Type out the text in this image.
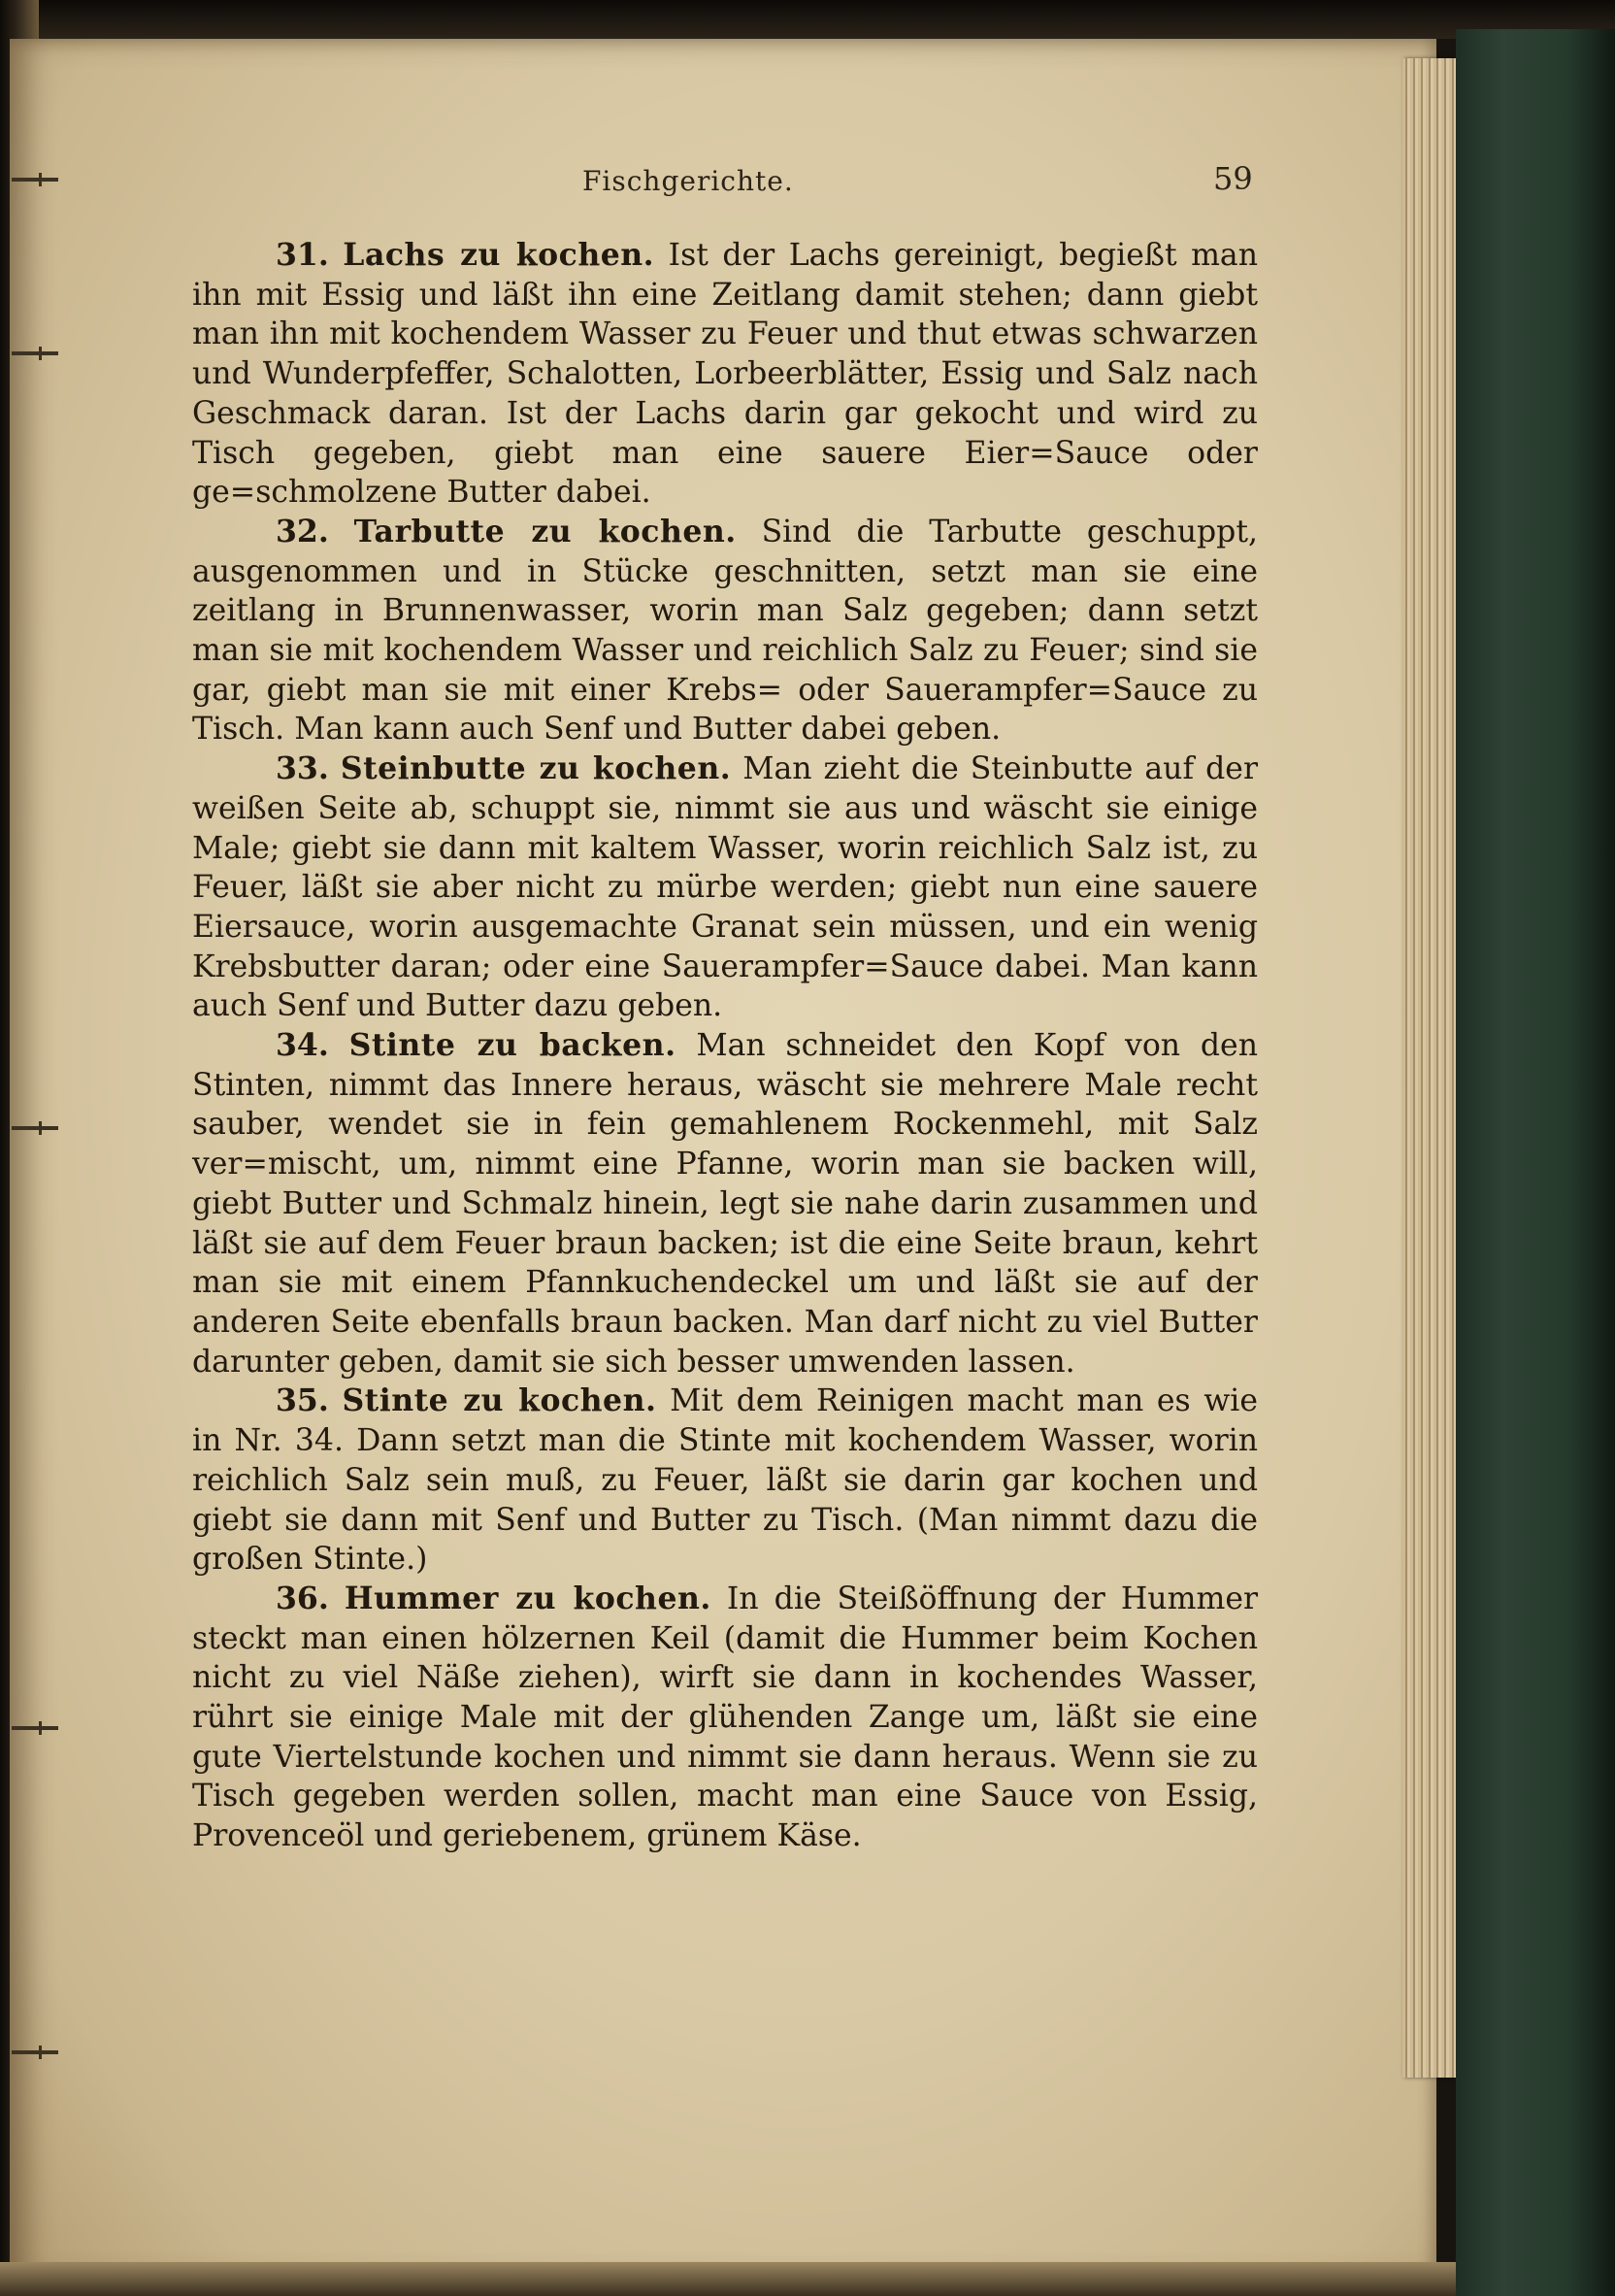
Fischgerichte.	59

31. Lachs zu kochen. Ist der Lachs gereinigt, begießt man ihn mit Essig und läßt ihn eine Zeitlang damit stehen; dann giebt man ihn mit kochendem Wasser zu Feuer und thut etwas schwarzen und Wunderpfeffer, Schalotten, Lorbeerblätter, Essig und Salz nach Geschmack daran. Ist der Lachs darin gar gekocht und wird zu Tisch gegeben, giebt man eine sauere Eier=Sauce oder ge=schmolzene Butter dabei.

32. Tarbutte zu kochen. Sind die Tarbutte geschuppt, ausgenommen und in Stücke geschnitten, setzt man sie eine zeitlang in Brunnenwasser, worin man Salz gegeben; dann setzt man sie mit kochendem Wasser und reichlich Salz zu Feuer; sind sie gar, giebt man sie mit einer Krebs= oder Sauerampfer=Sauce zu Tisch. Man kann auch Senf und Butter dabei geben.

33. Steinbutte zu kochen. Man zieht die Steinbutte auf der weißen Seite ab, schuppt sie, nimmt sie aus und wäscht sie einige Male; giebt sie dann mit kaltem Wasser, worin reichlich Salz ist, zu Feuer, läßt sie aber nicht zu mürbe werden; giebt nun eine sauere Eiersauce, worin ausgemachte Granat sein müssen, und ein wenig Krebsbutter daran; oder eine Sauerampfer=Sauce dabei. Man kann auch Senf und Butter dazu geben.

34. Stinte zu backen. Man schneidet den Kopf von den Stinten, nimmt das Innere heraus, wäscht sie mehrere Male recht sauber, wendet sie in fein gemahlenem Rockenmehl, mit Salz ver=mischt, um, nimmt eine Pfanne, worin man sie backen will, giebt Butter und Schmalz hinein, legt sie nahe darin zusammen und läßt sie auf dem Feuer braun backen; ist die eine Seite braun, kehrt man sie mit einem Pfannkuchendeckel um und läßt sie auf der anderen Seite ebenfalls braun backen. Man darf nicht zu viel Butter darunter geben, damit sie sich besser umwenden lassen.

35. Stinte zu kochen. Mit dem Reinigen macht man es wie in Nr. 34. Dann setzt man die Stinte mit kochendem Wasser, worin reichlich Salz sein muß, zu Feuer, läßt sie darin gar kochen und giebt sie dann mit Senf und Butter zu Tisch. (Man nimmt dazu die großen Stinte.)

36. Hummer zu kochen. In die Steißöffnung der Hummer steckt man einen hölzernen Keil (damit die Hummer beim Kochen nicht zu viel Näße ziehen), wirft sie dann in kochendes Wasser, rührt sie einige Male mit der glühenden Zange um, läßt sie eine gute Viertelstunde kochen und nimmt sie dann heraus. Wenn sie zu Tisch gegeben werden sollen, macht man eine Sauce von Essig, Provenceöl und geriebenem, grünem Käse.
